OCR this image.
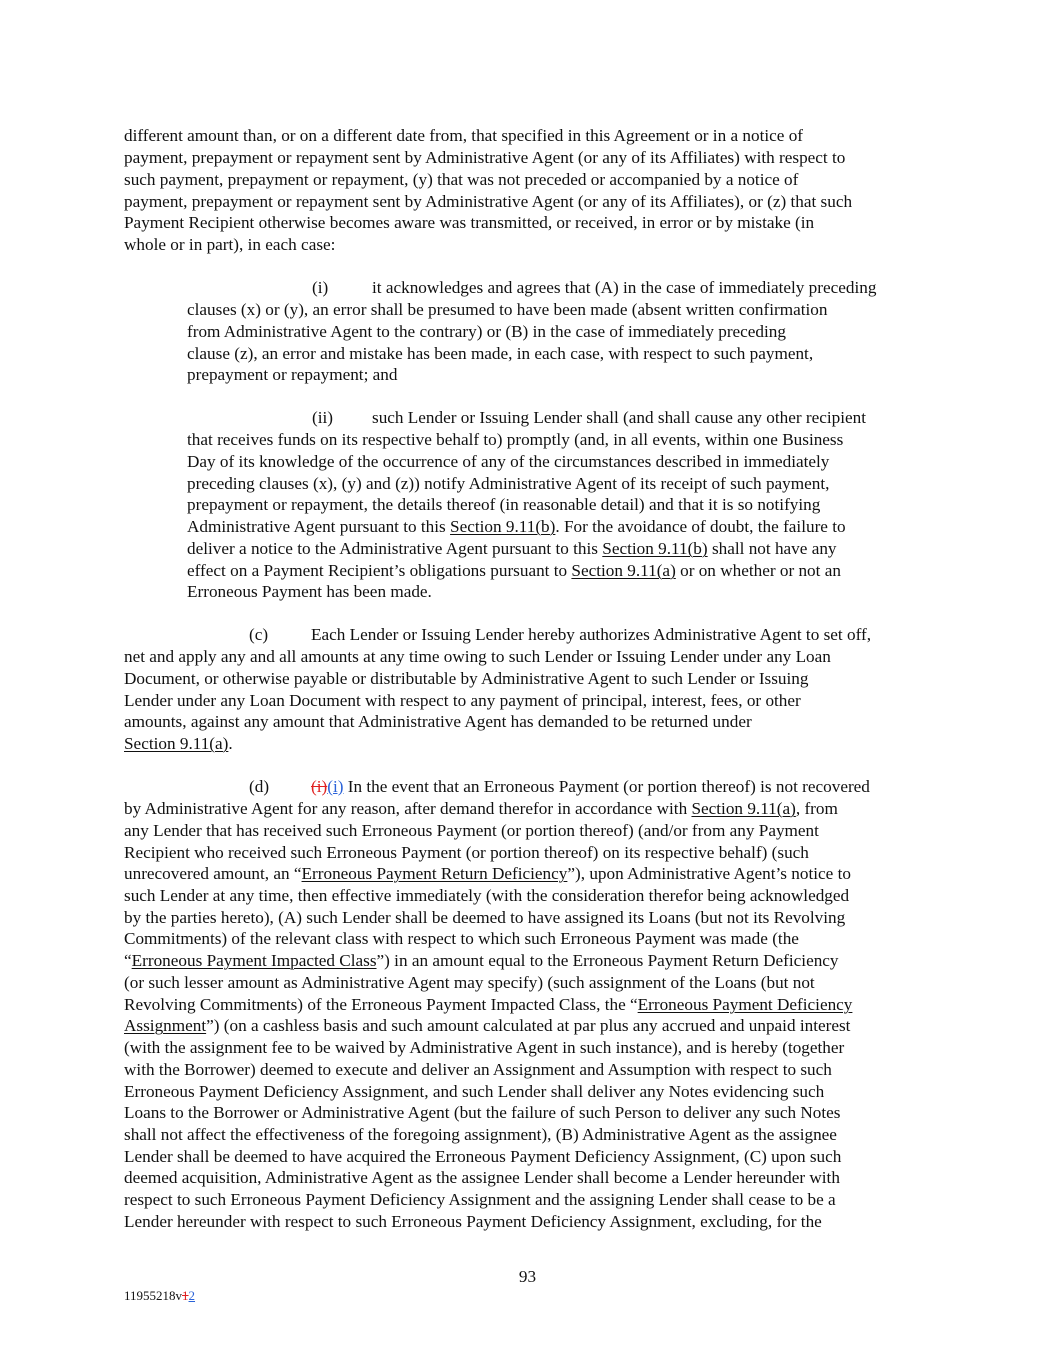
different amount than, or on a different date from, that specified in this Agreement or in a notice of
payment, prepayment or repayment sent by Administrative Agent (or any of its Affiliates) with respect to
such payment, prepayment or repayment, (y) that was not preceded or accompanied by a notice of
payment, prepayment or repayment sent by Administrative Agent (or any of its Affiliates), or (z) that such
Payment Recipient otherwise becomes aware was transmitted, or received, in error or by mistake (in
whole or in part), in each case:
(i)	it acknowledges and agrees that (A) in the case of immediately preceding
clauses (x) or (y), an error shall be presumed to have been made (absent written confirmation
from Administrative Agent to the contrary) or (B) in the case of immediately preceding
clause (z), an error and mistake has been made, in each case, with respect to such payment,
prepayment or repayment; and
(ii) such Lender or Issuing Lender shall (and shall cause any other recipient
that receives funds on its respective behalf to) promptly (and, in all events, within one Business
Day of its knowledge of the occurrence of any of the circumstances described in immediately
preceding clauses (x), (y) and (z)) notify Administrative Agent of its receipt of such payment,
prepayment or repayment, the details thereof (in reasonable detail) and that it is so notifying
Administrative Agent pursuant to this Section 9.11(b). For the avoidance of doubt, the failure to
deliver a notice to the Administrative Agent pursuant to this Section 9.11(b) shall not have any
effect on a Payment Recipient’s obligations pursuant to Section 9.11(a) or on whether or not an
Erroneous Payment has been made.
(c) Each Lender or Issuing Lender hereby authorizes Administrative Agent to set off,
net and apply any and all amounts at any time owing to such Lender or Issuing Lender under any Loan
Document, or otherwise payable or distributable by Administrative Agent to such Lender or Issuing
Lender under any Loan Document with respect to any payment of principal, interest, fees, or other
amounts, against any amount that Administrative Agent has demanded to be returned under
Section 9.11(a).
(d) (i)(i) In the event that an Erroneous Payment (or portion thereof) is not recovered
by Administrative Agent for any reason, after demand therefor in accordance with Section 9.11(a), from
any Lender that has received such Erroneous Payment (or portion thereof) (and/or from any Payment
Recipient who received such Erroneous Payment (or portion thereof) on its respective behalf) (such
unrecovered amount, an “Erroneous Payment Return Deficiency”), upon Administrative Agent’s notice to
such Lender at any time, then effective immediately (with the consideration therefor being acknowledged
by the parties hereto), (A) such Lender shall be deemed to have assigned its Loans (but not its Revolving
Commitments) of the relevant class with respect to which such Erroneous Payment was made (the
“Erroneous Payment Impacted Class”) in an amount equal to the Erroneous Payment Return Deficiency
(or such lesser amount as Administrative Agent may specify) (such assignment of the Loans (but not
Revolving Commitments) of the Erroneous Payment Impacted Class, the “Erroneous Payment Deficiency
Assignment”) (on a cashless basis and such amount calculated at par plus any accrued and unpaid interest
(with the assignment fee to be waived by Administrative Agent in such instance), and is hereby (together
with the Borrower) deemed to execute and deliver an Assignment and Assumption with respect to such
Erroneous Payment Deficiency Assignment, and such Lender shall deliver any Notes evidencing such
Loans to the Borrower or Administrative Agent (but the failure of such Person to deliver any such Notes
shall not affect the effectiveness of the foregoing assignment), (B) Administrative Agent as the assignee
Lender shall be deemed to have acquired the Erroneous Payment Deficiency Assignment, (C) upon such
deemed acquisition, Administrative Agent as the assignee Lender shall become a Lender hereunder with
respect to such Erroneous Payment Deficiency Assignment and the assigning Lender shall cease to be a
Lender hereunder with respect to such Erroneous Payment Deficiency Assignment, excluding, for the
93
11955218v12
